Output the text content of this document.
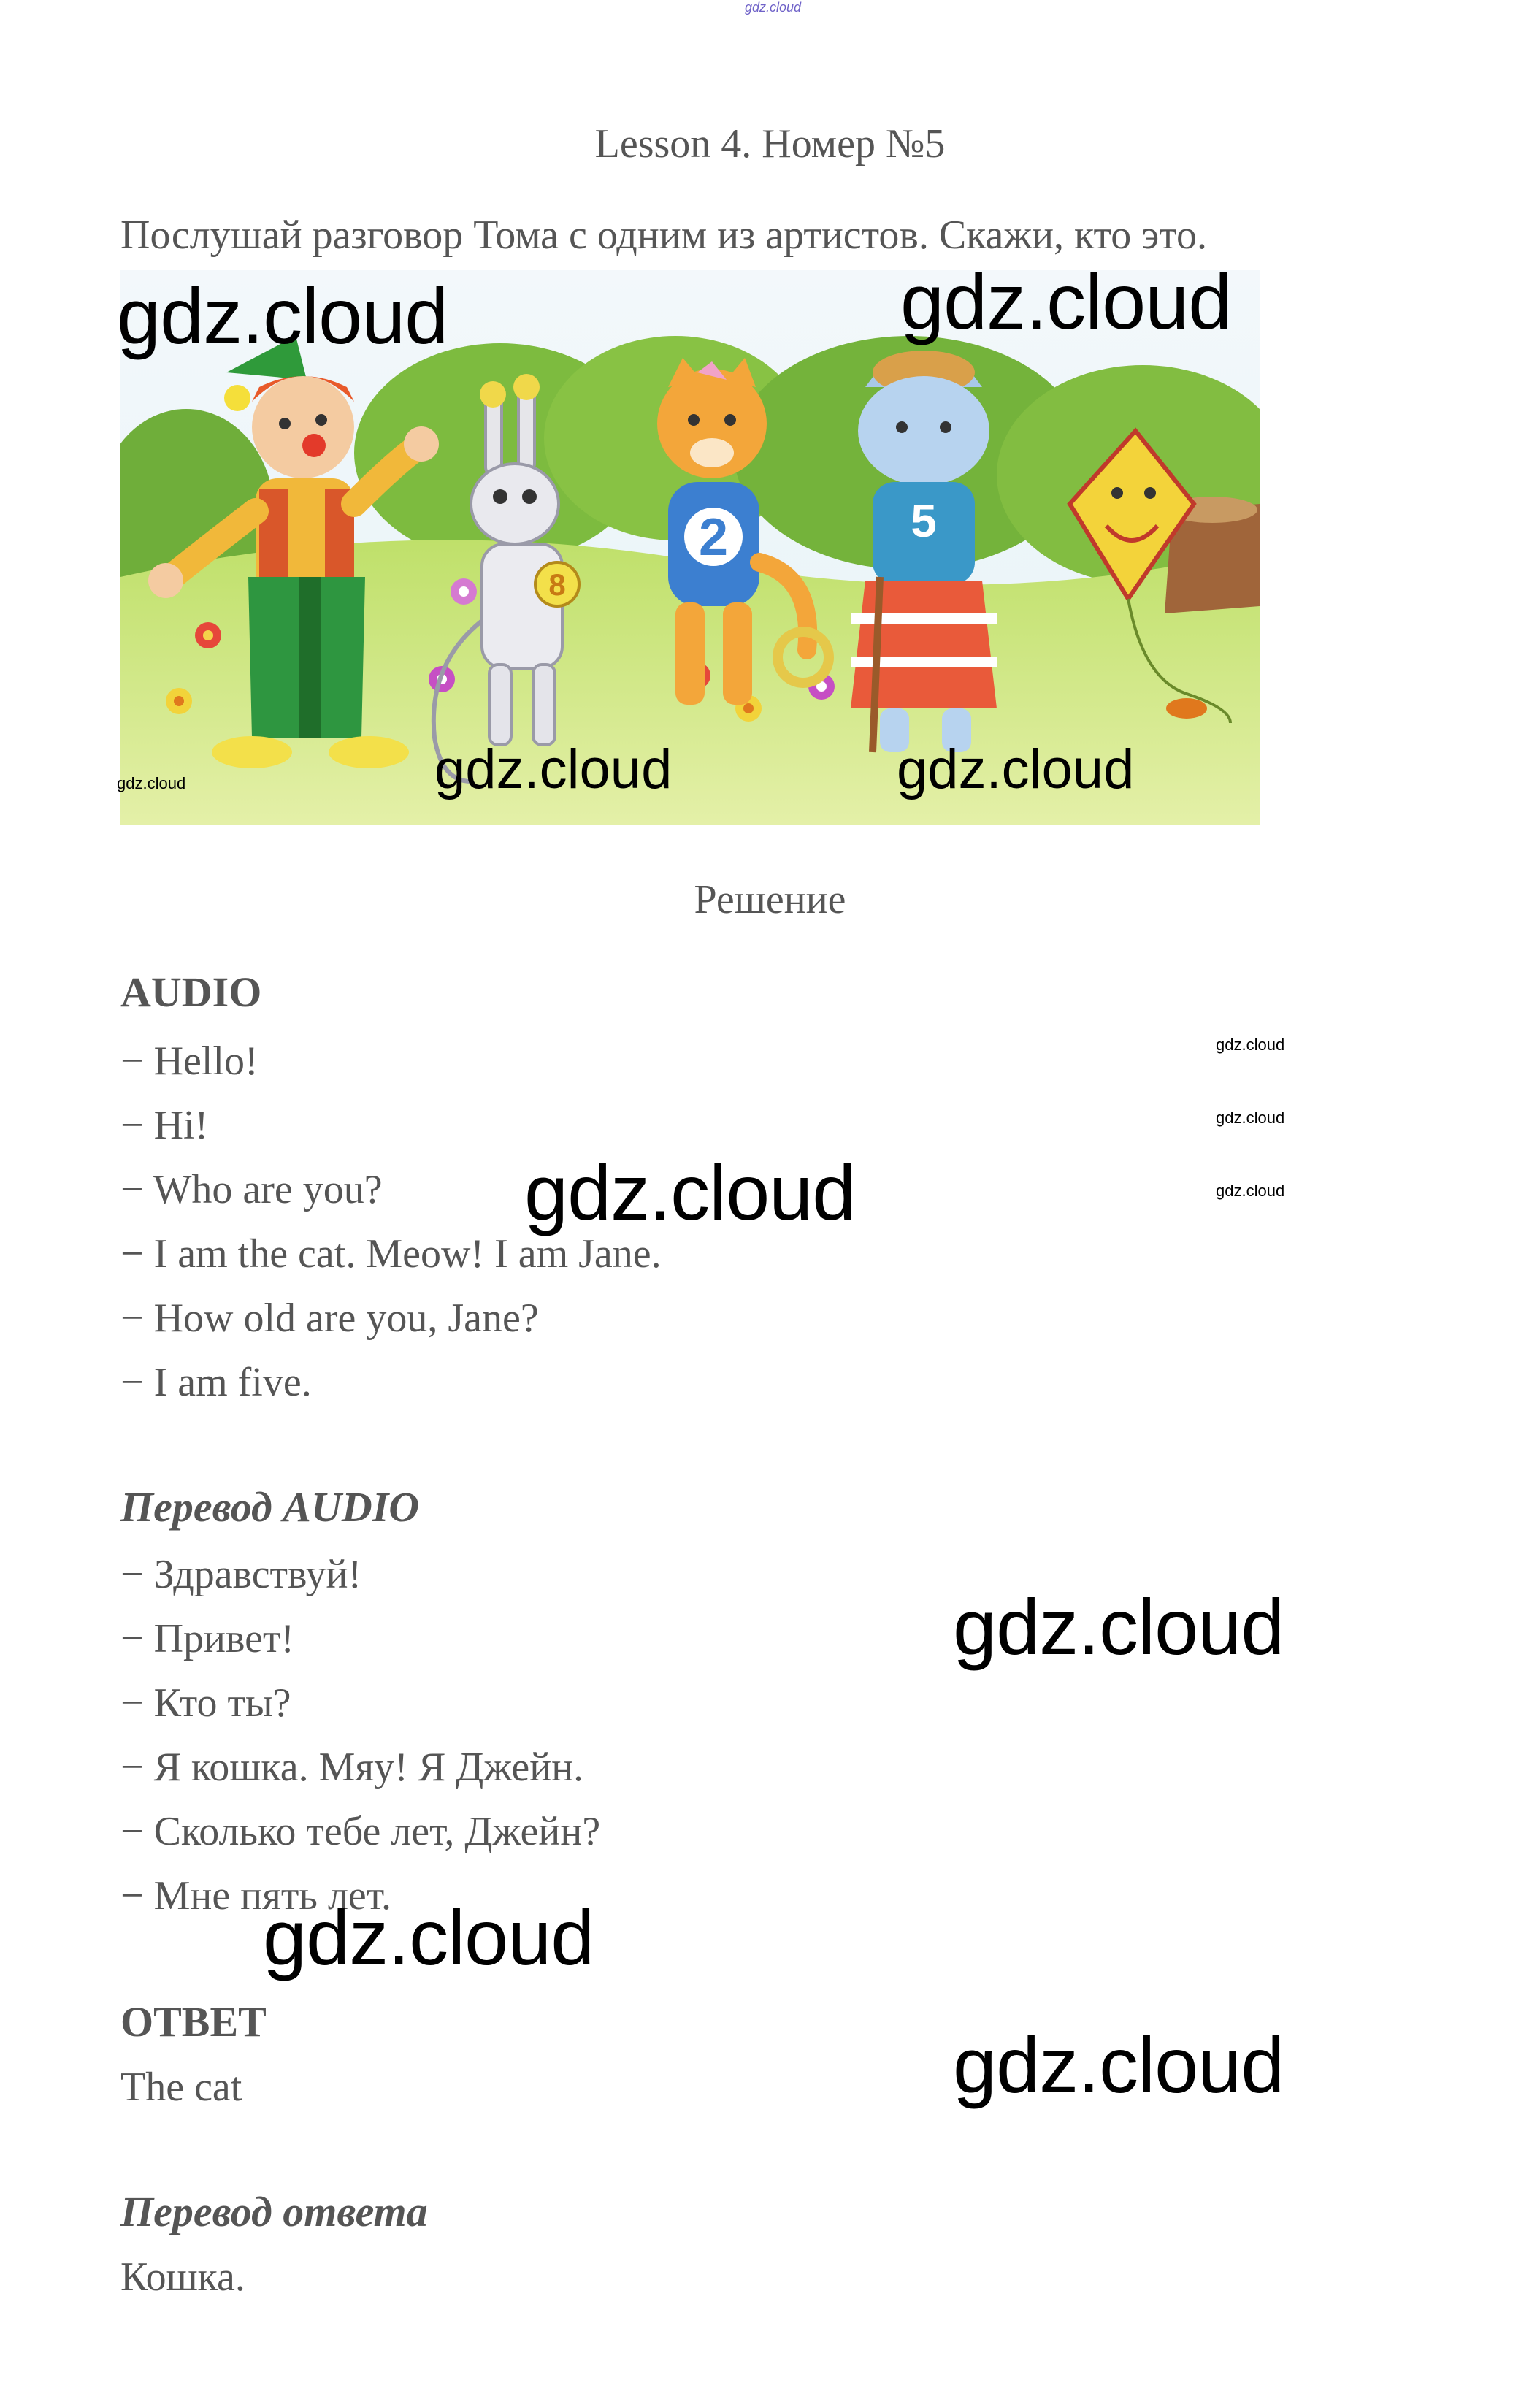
gdz.cloud
Lesson 4. Номер №5
Послушай разговор Тома с одним из артистов. Скажи, кто это.
8
2	5
gdz.cloud	gdz.cloud
gdz.cloud	gdz.cloud	gdz.cloud
Решение
AUDIO
− Hello!
− Hi!
− Who are you?
− I am the cat. Meow! I am Jane.
− How old are you, Jane?
− I am five.
gdz.cloud
gdz.cloud
gdz.cloud
gdz.cloud
Перевод AUDIO
− Здравствуй!
− Привет!
− Кто ты?
− Я кошка. Мяу! Я Джейн.
− Сколько тебе лет, Джейн?
− Мне пять лет.
gdz.cloud
gdz.cloud
ОТВЕТ
The cat	gdz.cloud
Перевод ответа
Кошка.
